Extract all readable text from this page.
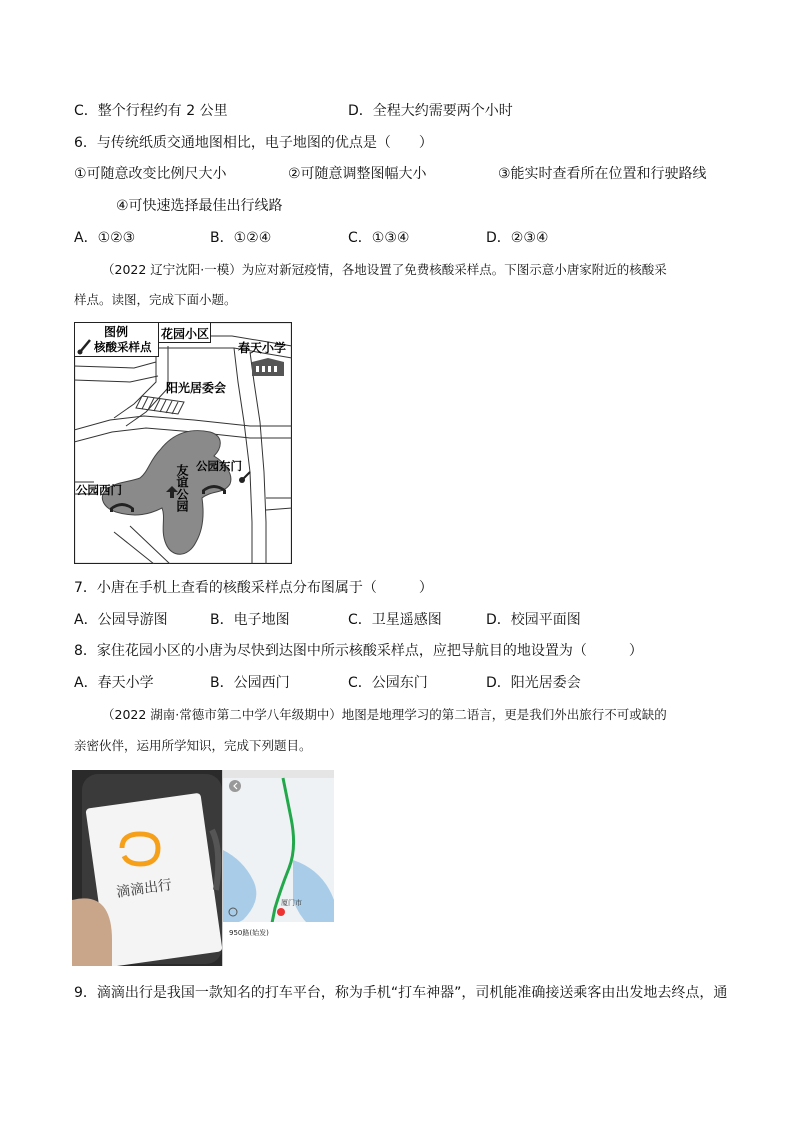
C．整个行程约有 2 公里	D．全程大约需要两个小时
6．与传统纸质交通地图相比，电子地图的优点是（　　）
①可随意改变比例尺大小	②可随意调整图幅大小	③能实时查看所在位置和行驶路线
④可快速选择最佳出行线路
A．①②③	B．①②④	C．①③④	D．②③④
（2022 辽宁沈阳·一模）为应对新冠疫情，各地设置了免费核酸采样点。下图示意小唐家附近的核酸采
样点。读图，完成下面小题。
图例
核酸采样点
花园小区
春天小学
阳光居委会
友谊公园 公园东门
公园西门
7．小唐在手机上查看的核酸采样点分布图属于（　　　）
A．公园导游图	B．电子地图	C．卫星遥感图	D．校园平面图
8．家住花园小区的小唐为尽快到达图中所示核酸采样点，应把导航目的地设置为（　　　）
A．春天小学	B．公园西门	C．公园东门	D．阳光居委会
（2022 湖南·常德市第二中学八年级期中）地图是地理学习的第二语言，更是我们外出旅行不可或缺的
亲密伙伴，运用所学知识，完成下列题目。
滴滴出行
厦门市
950路(始发)
9．滴滴出行是我国一款知名的打车平台，称为手机“打车神器”，司机能准确接送乘客由出发地去终点，通
